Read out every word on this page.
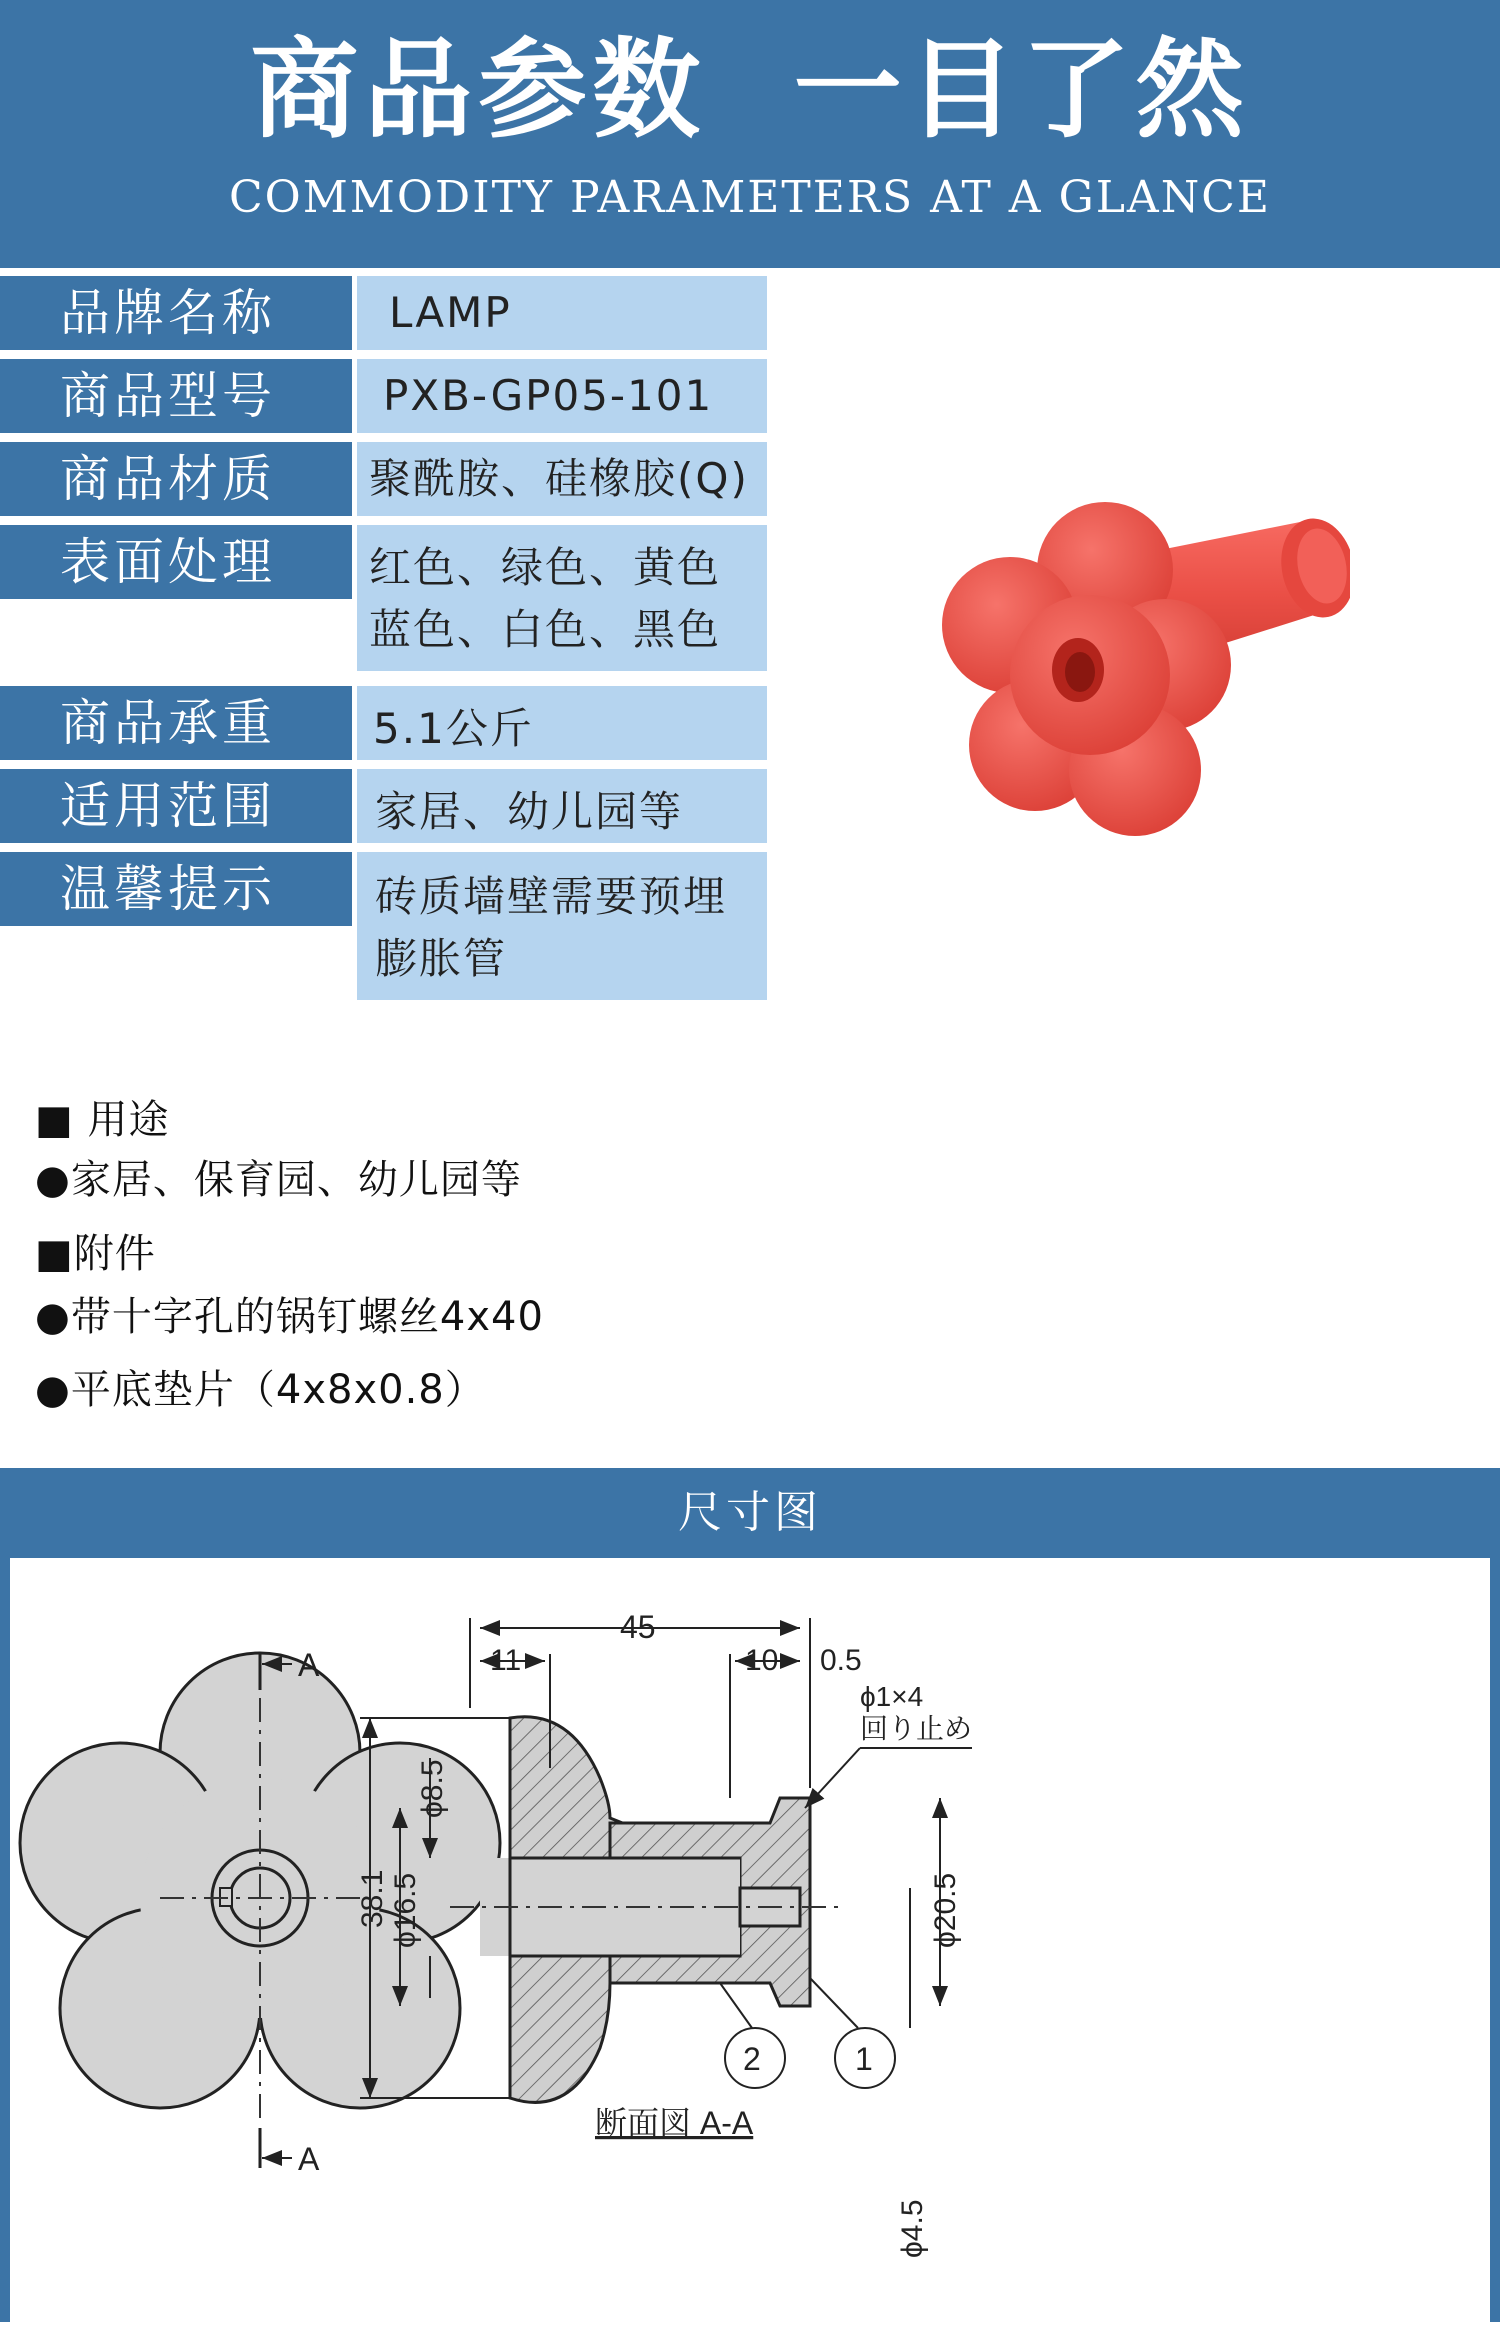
商品参数  一目了然
COMMODITY PARAMETERS AT A GLANCE
品牌名称	LAMP
商品型号	PXB-GP05-101
商品材质	聚酰胺、硅橡胶(Q)
表面处理	红色、绿色、黄色
蓝色、白色、黑色
商品承重	5.1公斤
适用范围	家居、幼儿园等
温馨提示	砖质墙壁需要预埋
膨胀管
■ 用途
●家居、保育园、幼儿园等
■附件
●带十字孔的锅钉螺丝4x40
●平底垫片（4x8x0.8）
尺寸图
A
A
45
11	10 0.5
ϕ1×4
回り止め
38.1 ϕ16.5
ϕ8.5
ϕ20.5
ϕ4.5
2	1
断面図 A-A
